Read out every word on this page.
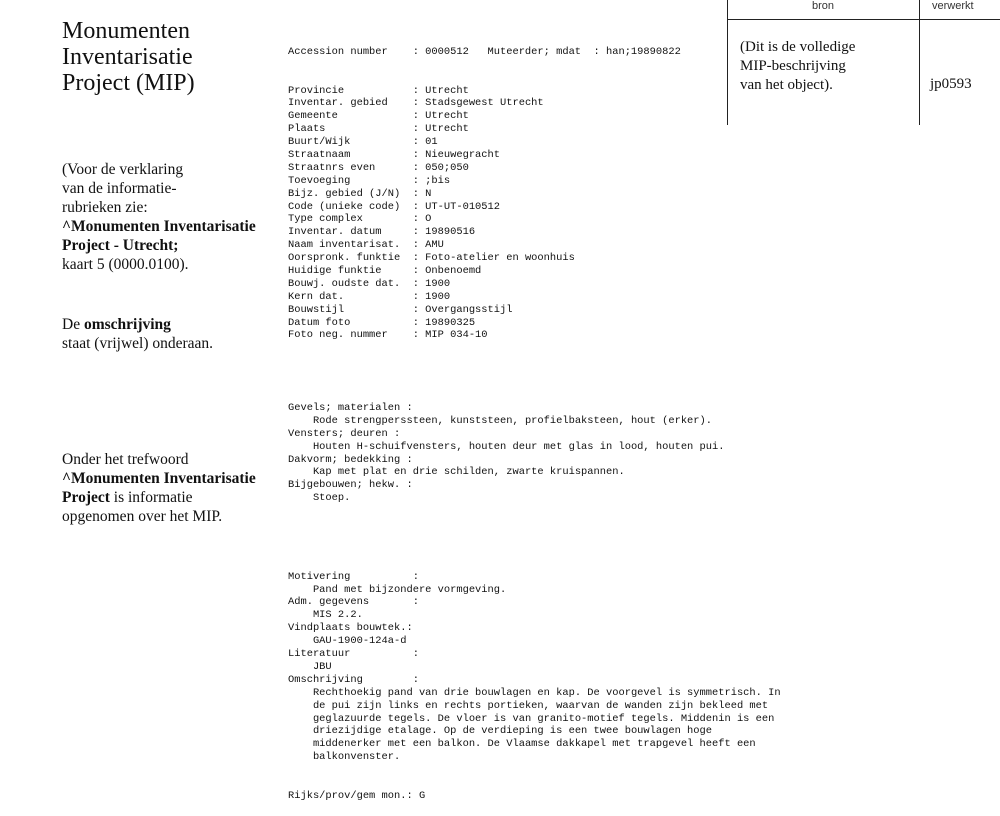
Monumenten
Inventarisatie
Project (MIP)
(Voor de verklaring
van de informatie-
rubrieken zie:
^Monumenten Inventarisatie
Project - Utrecht;
kaart 5 (0000.0100).
De omschrijving
staat (vrijwel) onderaan.
Onder het trefwoord
^Monumenten Inventarisatie
Project is informatie
opgenomen over het MIP.

Accession number : 0000512 Muteerder; mdat : han;19890822

Provincie	: Utrecht
Inventar. gebied : Stadsgewest Utrecht
Gemeente	: Utrecht
Plaats	: Utrecht
Buurt/Wijk	: 01
Straatnaam	: Nieuwegracht
Straatnrs even	: 050;050
Toevoeging	: ;bis
Bijz. gebied (J/N) : N
Code (unieke code) : UT-UT-010512
Type complex	: O
Inventar. datum	: 19890516
Naam inventarisat. : AMU
Oorspronk. funktie : Foto-atelier en woonhuis
Huidige funktie	: Onbenoemd
Bouwj. oudste dat. : 1900
Kern dat.	: 1900
Bouwstijl	: Overgangsstijl
Datum foto	: 19890325
Foto neg. nummer : MIP 034-10

Gevels; materialen :
Rode strengperssteen, kunststeen, profielbaksteen, hout (erker).
Vensters; deuren :
Houten H-schuifvensters, houten deur met glas in lood, houten pui.
Dakvorm; bedekking :
Kap met plat en drie schilden, zwarte kruispannen.
Bijgebouwen; hekw. :
Stoep.

Motivering          :
Pand met bijzondere vormgeving.
Adm. gegevens       :
MIS 2.2.
Vindplaats bouwtek.:
GAU-1900-124a-d
Literatuur          :
JBU
Omschrijving        :
Rechthoekig pand van drie bouwlagen en kap. De voorgevel is symmetrisch. In
de pui zijn links en rechts portieken, waarvan de wanden zijn bekleed met
geglazuurde tegels. De vloer is van granito-motief tegels. Middenin is een
driezijdige etalage. Op de verdieping is een twee bouwlagen hoge
middenerker met een balkon. De Vlaamse dakkapel met trapgevel heeft een
balkonvenster.

Rijks/prov/gem mon.: G

bron	verwerkt
(Dit is de volledige
MIP-beschrijving
van het object).	jp0593
